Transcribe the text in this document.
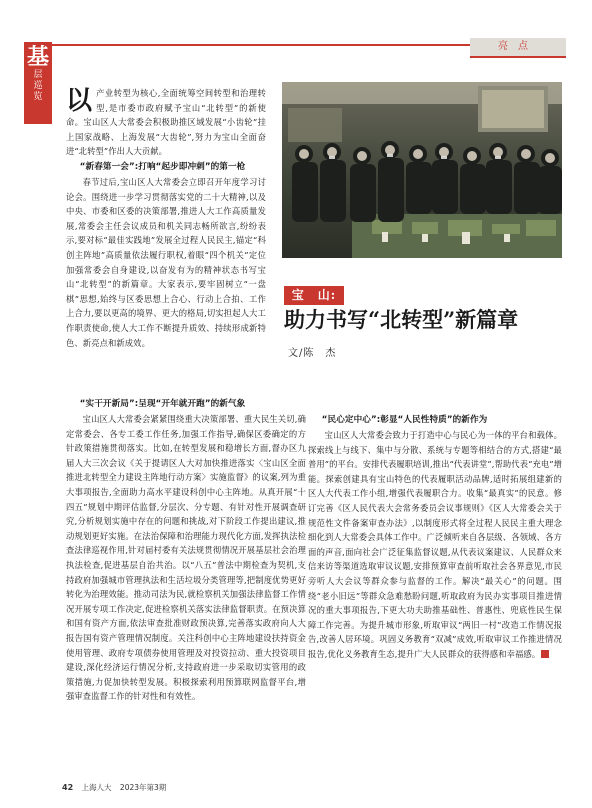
基
层
巡
览
亮点
宝　山:
助力书写“北转型”新篇章
文/陈　杰

以产业转型为核心,全面统筹空间转型和治理转型,是市委市政府赋予宝山“北转型”的新使命。宝山区人大常委会积极助推区域发展“小齿轮”挂上国家战略、上海发展“大齿轮”,努力为宝山全面奋进“北转型”作出人大贡献。

“新春第一会”:打响“起步即冲刺”的第一枪

春节过后,宝山区人大常委会立即召开年度学习讨论会。围绕进一步学习贯彻落实党的二十大精神,以及中央、市委和区委的决策部署,推进人大工作高质量发展,常委会主任会议成员和机关同志畅所欲言,纷纷表示,要对标“最佳实践地”发展全过程人民民主,锚定“科创主阵地”高质量依法履行职权,着眼“四个机关”定位加强常委会自身建设,以奋发有为的精神状态书写宝山“北转型”的新篇章。大家表示,要牢固树立“一盘棋”思想,始终与区委思想上合心、行动上合拍、工作上合力,要以更高的境界、更大的格局,切实担起人大工作职责使命,使人大工作不断提升质效、持续形成新特色、新亮点和新成效。

“实干开新局”:呈现“开年就开跑”的新气象

宝山区人大常委会紧紧围绕重大决策部署、重大民生关切,确定常委会、各专工委工作任务,加强工作指导,确保区委确定的方针政策措施贯彻落实。比如,在转型发展和稳增长方面,督办区九届人大三次会议《关于提请区人大对加快推进落实〈宝山区全面推进北转型全力建设主阵地行动方案〉实施监督》的议案,列为重大事项报告,全面助力高水平建设科创中心主阵地。从真开展“十四五”规划中期评估监督,分层次、分专题、有针对性开展调查研究,分析规划实施中存在的问题和挑战,对下阶段工作提出建议,推动规划更好实施。在法治保障和治理能力现代化方面,发挥执法检查法律巡视作用,针对届村委有关法规贯彻情况开展基层社会治理执法检查,促进基层自治共治。以“八五”普法中期检查为契机,支持政府加强城市管理执法和生活垃圾分类管理等,把制度优势更好转化为治理效能。推动司法为民,就检察机关加强法律监督工作情况开展专项工作决定,促进检察机关落实法律监督职责。在预决算和国有资产方面,依法审查批准财政预决算,完善落实政府向人大报告国有资产管理情况制度。关注科创中心主阵地建设扶持资金使用管理、政府专项债券使用管理及对投资拉动、重大投资项目建设,深化经济运行情况分析,支持政府进一步采取切实管用的政策措施,力促加快转型发展。积极探索利用预算联网监督平台,增强审查监督工作的针对性和有效性。

“民心定中心”:彰显“人民性特质”的新作为

宝山区人大常委会致力于打造中心与民心为一体的平台和载体。探索线上与线下、集中与分散、系统与专题等相结合的方式,搭建“最普用”的平台。安排代表履职培训,推出“代表讲堂”,帮助代表“充电”增能。探索创建具有宝山特色的代表履职活动品牌,适时拓展组建新的区人大代表工作小组,增强代表履职合力。收集“最真实”的民意。修订完善《区人民代表大会常务委员会议事规则》《区人大常委会关于规范性文件备案审查办法》,以制度形式将全过程人民民主重大理念细化到人大常委会具体工作中。广泛倾听来自各层级、各领域、各方面的声音,面向社会广泛征集监督议题,从代表议案建议、人民群众来信来访等渠道选取审议议题,安排预算审查前听取社会各界意见,市民旁听人大会议等群众参与监督的工作。解决“最关心”的问题。围绕“老小旧远”等群众急难愁盼问题,听取政府为民办实事项目推进情况的重大事项报告,下更大功夫助推基础性、普惠性、兜底性民生保障工作完善。为提升城市形象,听取审议“两旧一村”改造工作情况报告,改善人居环境。巩固义务教育“双减”成效,听取审议工作推进情况报告,优化义务教育生态,提升广大人民群众的获得感和幸福感。

42 上海人大 2023年第3期
